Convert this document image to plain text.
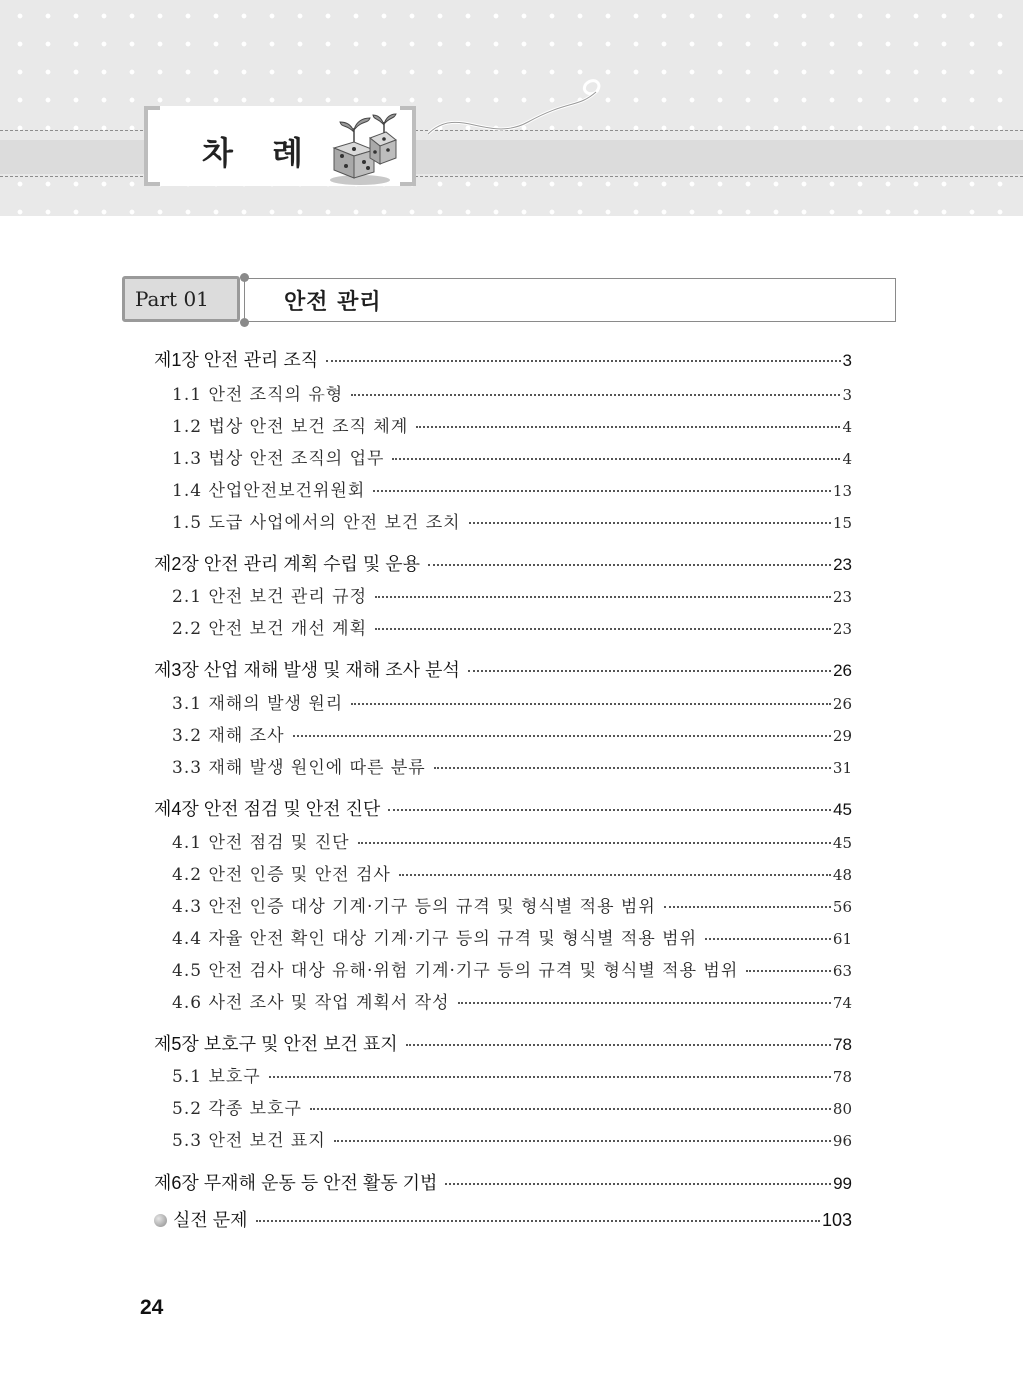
차 례
Part 01	안전 관리
제1장 안전 관리 조직	3
1.1 안전 조직의 유형	3
1.2 법상 안전 보건 조직 체계	4
1.3 법상 안전 조직의 업무	4
1.4 산업안전보건위원회	13
1.5 도급 사업에서의 안전 보건 조치	15
제2장 안전 관리 계획 수립 및 운용	23
2.1 안전 보건 관리 규정	23
2.2 안전 보건 개선 계획	23
제3장 산업 재해 발생 및 재해 조사 분석	26
3.1 재해의 발생 원리	26
3.2 재해 조사	29
3.3 재해 발생 원인에 따른 분류	31
제4장 안전 점검 및 안전 진단	45
4.1 안전 점검 및 진단	45
4.2 안전 인증 및 안전 검사	48
4.3 안전 인증 대상 기계·기구 등의 규격 및 형식별 적용 범위	56
4.4 자율 안전 확인 대상 기계·기구 등의 규격 및 형식별 적용 범위	61
4.5 안전 검사 대상 유해·위험 기계·기구 등의 규격 및 형식별 적용 범위	63
4.6 사전 조사 및 작업 계획서 작성	74
제5장 보호구 및 안전 보건 표지	78
5.1 보호구	78
5.2 각종 보호구	80
5.3 안전 보건 표지	96
제6장 무재해 운동 등 안전 활동 기법	99
실전 문제	103
24
